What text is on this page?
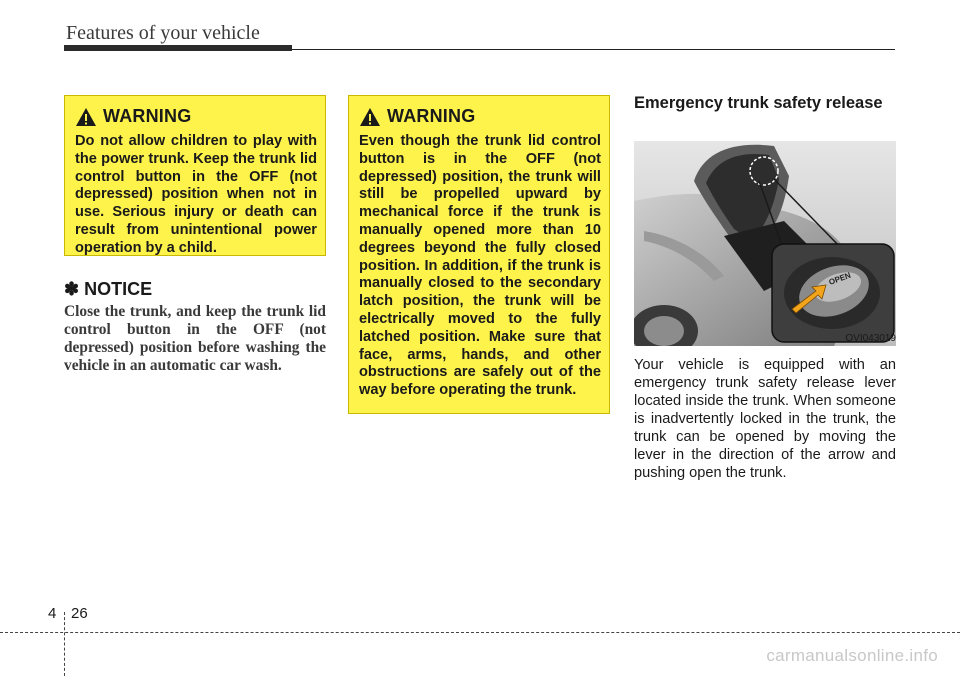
Features of your vehicle
WARNING

Do not allow children to play with the power trunk. Keep the trunk lid control button in the OFF (not depressed) position when not in use. Serious injury or death can result from unintentional power operation by a child.

✽ NOTICE

Close the trunk, and keep the trunk lid control button in the OFF (not depressed) position before washing the vehicle in an automatic car wash.

WARNING

Even though the trunk lid control button is in the OFF (not depressed) position, the trunk will still be propelled upward by mechanical force if the trunk is manually opened more than 10 degrees beyond the fully closed position. In addition, if the trunk is manually closed to the secondary latch position, the trunk will be electrically moved to the fully latched position. Make sure that face, arms, hands, and other obstructions are safely out of the way before operating the trunk.

Emergency trunk safety release
OPEN
OVI043019

Your vehicle is equipped with an emergency trunk safety release lever located inside the trunk. When someone is inadvertently locked in the trunk, the trunk can be opened by moving the lever in the direction of the arrow and pushing open the trunk.

4 26
carmanualsonline.info
